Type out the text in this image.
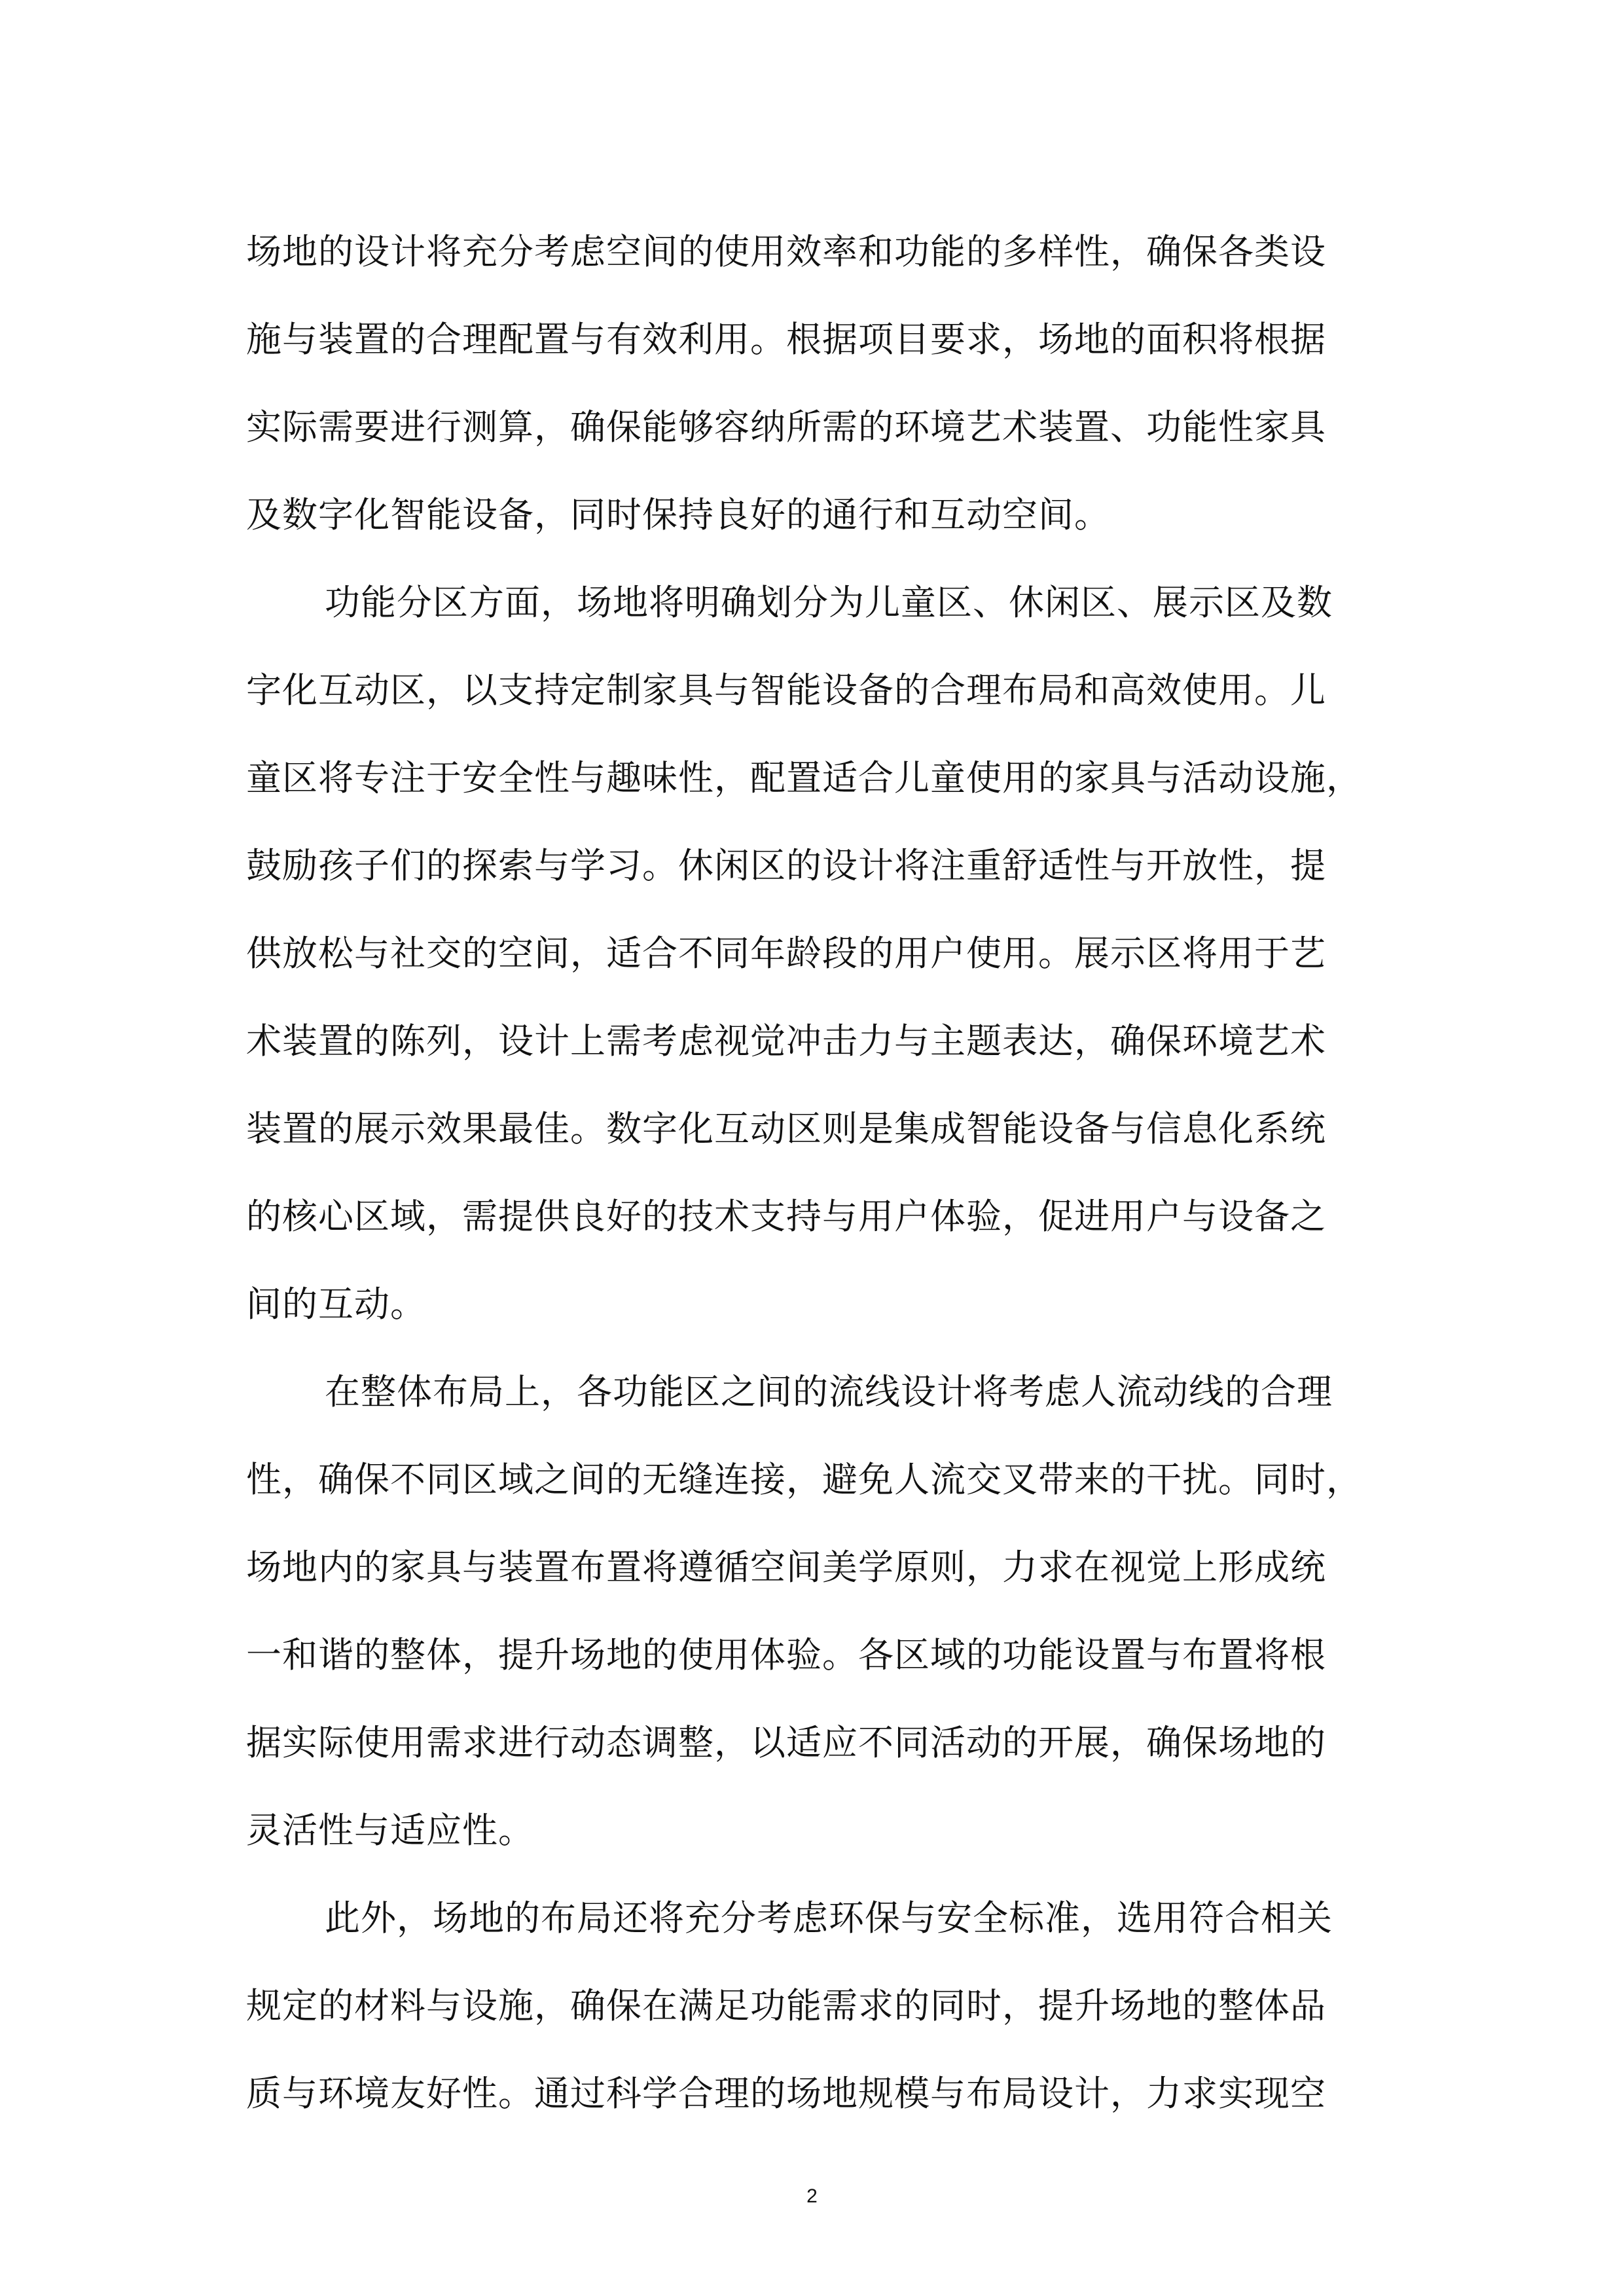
场地的设计将充分考虑空间的使用效率和功能的多样性，确保各类设
施与装置的合理配置与有效利用。根据项目要求，场地的面积将根据
实际需要进行测算，确保能够容纳所需的环境艺术装置、功能性家具
及数字化智能设备，同时保持良好的通行和互动空间。
功能分区方面，场地将明确划分为儿童区、休闲区、展示区及数
字化互动区，以支持定制家具与智能设备的合理布局和高效使用。儿
童区将专注于安全性与趣味性，配置适合儿童使用的家具与活动设施，
鼓励孩子们的探索与学习。休闲区的设计将注重舒适性与开放性，提
供放松与社交的空间，适合不同年龄段的用户使用。展示区将用于艺
术装置的陈列，设计上需考虑视觉冲击力与主题表达，确保环境艺术
装置的展示效果最佳。数字化互动区则是集成智能设备与信息化系统
的核心区域，需提供良好的技术支持与用户体验，促进用户与设备之
间的互动。
在整体布局上，各功能区之间的流线设计将考虑人流动线的合理
性，确保不同区域之间的无缝连接，避免人流交叉带来的干扰。同时，
场地内的家具与装置布置将遵循空间美学原则，力求在视觉上形成统
一和谐的整体，提升场地的使用体验。各区域的功能设置与布置将根
据实际使用需求进行动态调整，以适应不同活动的开展，确保场地的
灵活性与适应性。
此外，场地的布局还将充分考虑环保与安全标准，选用符合相关
规定的材料与设施，确保在满足功能需求的同时，提升场地的整体品
质与环境友好性。通过科学合理的场地规模与布局设计，力求实现空
2
